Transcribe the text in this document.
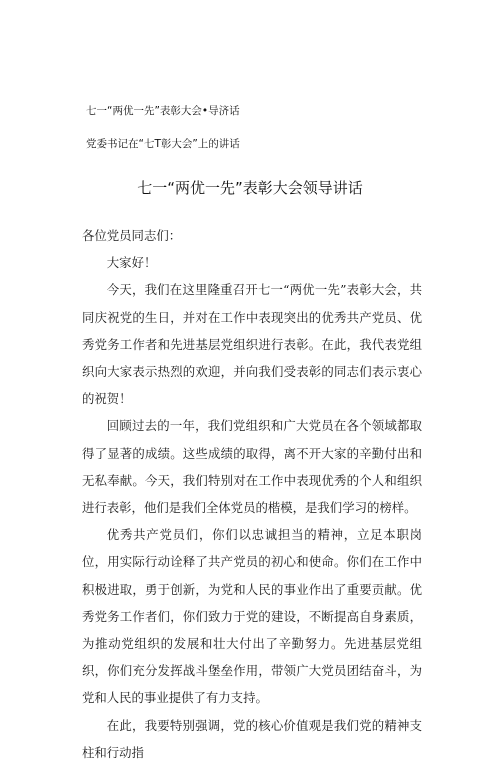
七一“两优一先”表彰大会•导济话
党委书记在“七T彰大会”上的讲话
七一“两优一先”表彰大会领导讲话

各位党员同志们：

大家好！

今天，我们在这里隆重召开七一“两优一先”表彰大会，共同庆祝党的生日，并对在工作中表现突出的优秀共产党员、优秀党务工作者和先进基层党组织进行表彰。在此，我代表党组织向大家表示热烈的欢迎，并向我们受表彰的同志们表示衷心的祝贺！

回顾过去的一年，我们党组织和广大党员在各个领域都取得了显著的成绩。这些成绩的取得，离不开大家的辛勤付出和无私奉献。今天，我们特别对在工作中表现优秀的个人和组织进行表彰，他们是我们全体党员的楷模，是我们学习的榜样。

优秀共产党员们，你们以忠诚担当的精神，立足本职岗位，用实际行动诠释了共产党员的初心和使命。你们在工作中积极进取，勇于创新，为党和人民的事业作出了重要贡献。优秀党务工作者们，你们致力于党的建设，不断提高自身素质，为推动党组织的发展和壮大付出了辛勤努力。先进基层党组织，你们充分发挥战斗堡垒作用，带领广大党员团结奋斗，为党和人民的事业提供了有力支持。

在此，我要特别强调，党的核心价值观是我们党的精神支柱和行动指
